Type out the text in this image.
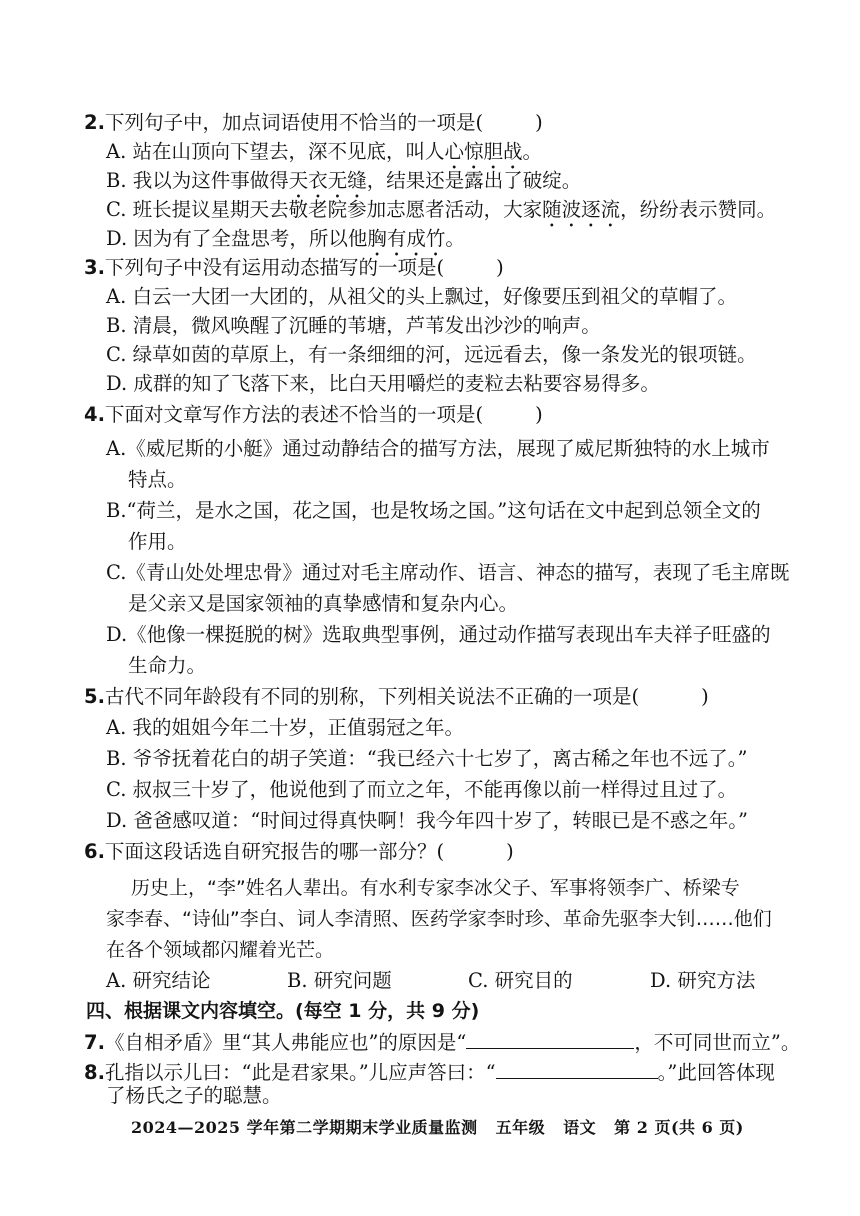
2.下列句子中，加点词语使用不恰当的一项是(	)
A. 站在山顶向下望去，深不见底，叫人心惊胆战。
B. 我以为这件事做得天衣无缝，结果还是露出了破绽。
C. 班长提议星期天去敬老院参加志愿者活动，大家随波逐流，纷纷表示赞同。
D. 因为有了全盘思考，所以他胸有成竹。
3.下列句子中没有运用动态描写的一项是(	)
A. 白云一大团一大团的，从祖父的头上飘过，好像要压到祖父的草帽了。
B. 清晨，微风唤醒了沉睡的苇塘，芦苇发出沙沙的响声。
C. 绿草如茵的草原上，有一条细细的河，远远看去，像一条发光的银项链。
D. 成群的知了飞落下来，比白天用嚼烂的麦粒去粘要容易得多。
4.下面对文章写作方法的表述不恰当的一项是(	)
A.《威尼斯的小艇》通过动静结合的描写方法，展现了威尼斯独特的水上城市
特点。
B.“荷兰，是水之国，花之国，也是牧场之国。”这句话在文中起到总领全文的
作用。
C.《青山处处埋忠骨》通过对毛主席动作、语言、神态的描写，表现了毛主席既
是父亲又是国家领袖的真挚感情和复杂内心。
D.《他像一棵挺脱的树》选取典型事例，通过动作描写表现出车夫祥子旺盛的
生命力。
5.古代不同年龄段有不同的别称，下列相关说法不正确的一项是(	)
A. 我的姐姐今年二十岁，正值弱冠之年。
B. 爷爷抚着花白的胡子笑道：“我已经六十七岁了，离古稀之年也不远了。”
C. 叔叔三十岁了，他说他到了而立之年，不能再像以前一样得过且过了。
D. 爸爸感叹道：“时间过得真快啊！我今年四十岁了，转眼已是不惑之年。”
6.下面这段话选自研究报告的哪一部分？(	)
历史上，“李”姓名人辈出。有水利专家李冰父子、军事将领李广、桥梁专
家李春、“诗仙”李白、词人李清照、医药学家李时珍、革命先驱李大钊……他们
在各个领域都闪耀着光芒。
A. 研究结论	B. 研究问题	C. 研究目的	D. 研究方法
四、根据课文内容填空。(每空 1 分，共 9 分)
7.《自相矛盾》里“其人弗能应也”的原因是“	，不可同世而立”。
8.孔指以示儿曰：“此是君家果。”儿应声答曰：“	。”此回答体现
了杨氏之子的聪慧。
2024—2025 学年第二学期期末学业质量监测 五年级 语文 第 2 页(共 6 页)
